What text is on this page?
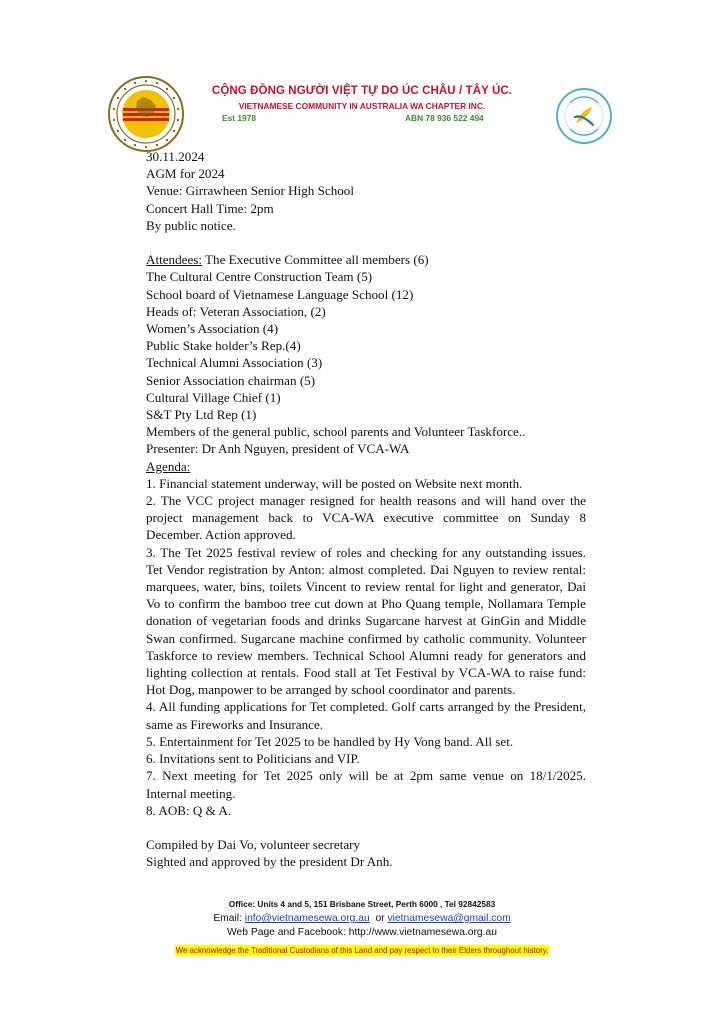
CỘNG ĐỒNG NGƯỜI VIỆT TỰ DO ÚC CHÂU / TÂY ÚC.
VIETNAMESE COMMUNITY IN AUSTRALIA WA CHAPTER INC.
Est 1978	ABN 78 936 522 494
30.11.2024
AGM for 2024
Venue: Girrawheen Senior High School
Concert Hall Time: 2pm
By public notice.
Attendees: The Executive Committee all members (6)
The Cultural Centre Construction Team (5)
School board of Vietnamese Language School (12)
Heads of: Veteran Association, (2)
Women’s Association (4)
Public Stake holder’s Rep.(4)
Technical Alumni Association (3)
Senior Association chairman (5)
Cultural Village Chief (1)
S&T Pty Ltd Rep (1)
Members of the general public, school parents and Volunteer Taskforce..
Presenter: Dr Anh Nguyen, president of VCA-WA
Agenda:
1. Financial statement underway, will be posted on Website next month.
2. The VCC project manager resigned for health reasons and will hand over the project management back to VCA-WA executive committee on Sunday 8 December. Action approved.
3. The Tet 2025 festival review of roles and checking for any outstanding issues. Tet Vendor registration by Anton: almost completed. Dai Nguyen to review rental: marquees, water, bins, toilets Vincent to review rental for light and generator, Dai Vo to confirm the bamboo tree cut down at Pho Quang temple, Nollamara Temple donation of vegetarian foods and drinks Sugarcane harvest at GinGin and Middle Swan confirmed. Sugarcane machine confirmed by catholic community. Volunteer Taskforce to review members. Technical School Alumni ready for generators and lighting collection at rentals. Food stall at Tet Festival by VCA-WA to raise fund: Hot Dog, manpower to be arranged by school coordinator and parents.
4. All funding applications for Tet completed. Golf carts arranged by the President, same as Fireworks and Insurance.
5. Entertainment for Tet 2025 to be handled by Hy Vong band. All set.
6. Invitations sent to Politicians and VIP.
7. Next meeting for Tet 2025 only will be at 2pm same venue on 18/1/2025. Internal meeting.
8. AOB: Q & A.
Compiled by Dai Vo, volunteer secretary
Sighted and approved by the president Dr Anh.
Office: Units 4 and 5, 151 Brisbane Street, Perth 6000 , Tel 92842583
Email: info@vietnamesewa.org.au  or vietnamesewa@gmail.com
Web Page and Facebook: http://www.vietnamesewa.org.au
We acknowledge the Traditional Custodians of this Land and pay respect to their Elders throughout history.
